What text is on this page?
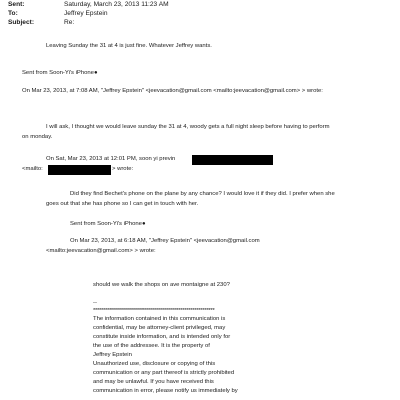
Sent:	Saturday, March 23, 2013 11:23 AM
To:	Jeffrey Epstein
Subject:	Re:
Leaving Sunday the 31 at 4 is just fine. Whatever Jeffrey wants.
Sent from Soon-Yi's iPhone●
On Mar 23, 2013, at 7:08 AM, "Jeffrey Epstein" <jeevacation@gmail.com <mailto:jeevacation@gmail.com> > wrote:
I will ask, I thought we would leave sunday the 31 at 4, woody gets a full night sleep before having to perform
on monday.
On Sat, Mar 23, 2013 at 12:01 PM, soon yi previn
<mailto:	> wrote:
Did they find Bechet's phone on the plane by any chance? I would love it if they did. I prefer when she
goes out that she has phone so I can get in touch with her.
Sent from Soon-Yi's iPhone●
On Mar 23, 2013, at 6:18 AM, "Jeffrey Epstein" <jeevacation@gmail.com
<mailto:jeevacation@gmail.com> > wrote:
should we walk the shops on ave montaigne at 230?
--
*************************************************************
The information contained in this communication is
confidential, may be attorney-client privileged, may
constitute inside information, and is intended only for
the use of the addressee. It is the property of
Jeffrey Epstein
Unauthorized use, disclosure or copying of this
communication or any part thereof is strictly prohibited
and may be unlawful. If you have received this
communication in error, please notify us immediately by
